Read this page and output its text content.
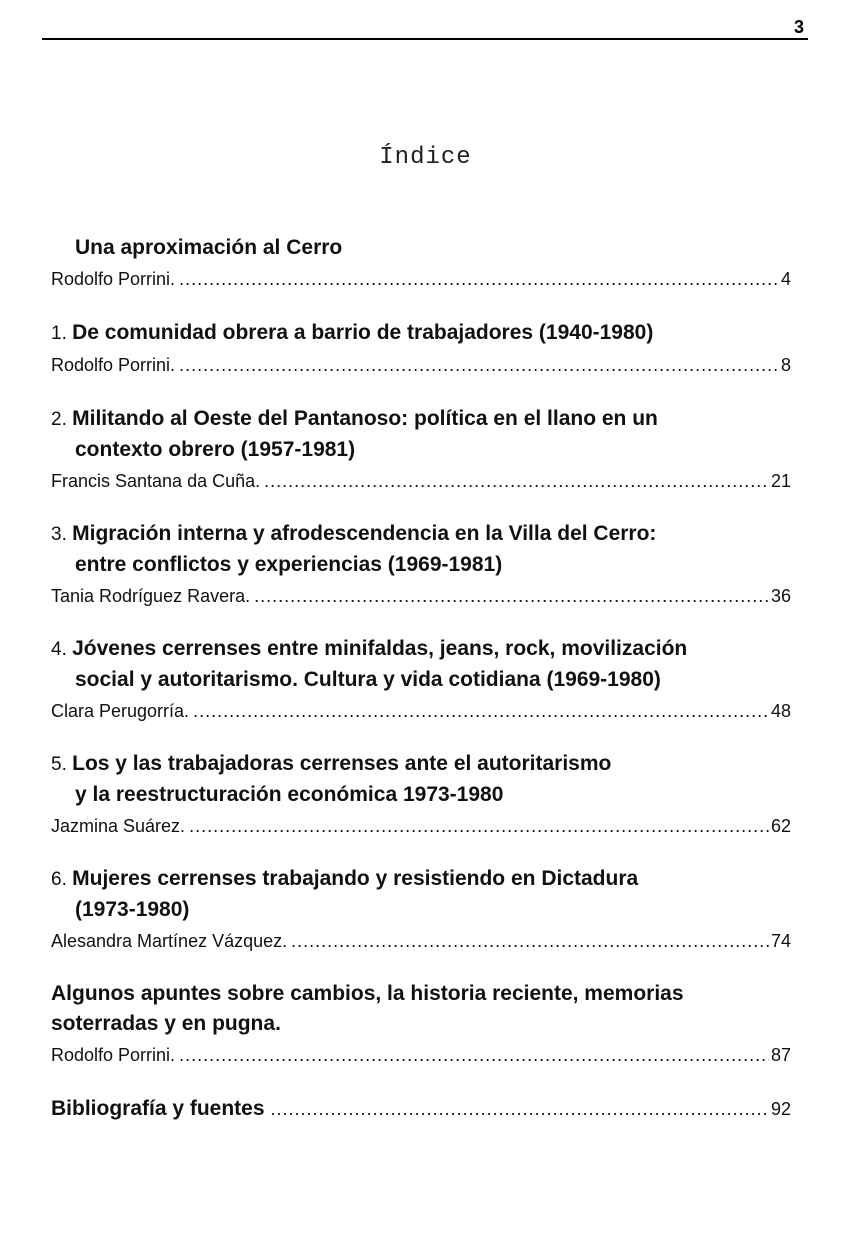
3
Índice
Una aproximación al Cerro
Rodolfo Porrini. .....	4
1. De comunidad obrera a barrio de trabajadores (1940-1980)
Rodolfo Porrini. .....	8
2. Militando al Oeste del Pantanoso: política en el llano en un
contexto obrero (1957-1981)
Francis Santana da Cuña. .....	21
3. Migración interna y afrodescendencia en la Villa del Cerro:
entre conflictos y experiencias (1969-1981)
Tania Rodríguez Ravera. .....	36
4. Jóvenes cerrenses entre minifaldas, jeans, rock, movilización
social y autoritarismo. Cultura y vida cotidiana (1969-1980)
Clara Perugorría. .....	48
5. Los y las trabajadoras cerrenses ante el autoritarismo
y la reestructuración económica 1973-1980
Jazmina Suárez. .....	62
6. Mujeres cerrenses trabajando y resistiendo en Dictadura
(1973-1980)
Alesandra Martínez Vázquez. .....	74
Algunos apuntes sobre cambios, la historia reciente, memorias
soterradas y en pugna.
Rodolfo Porrini. .....	87
Bibliografía y fuentes .....	92
